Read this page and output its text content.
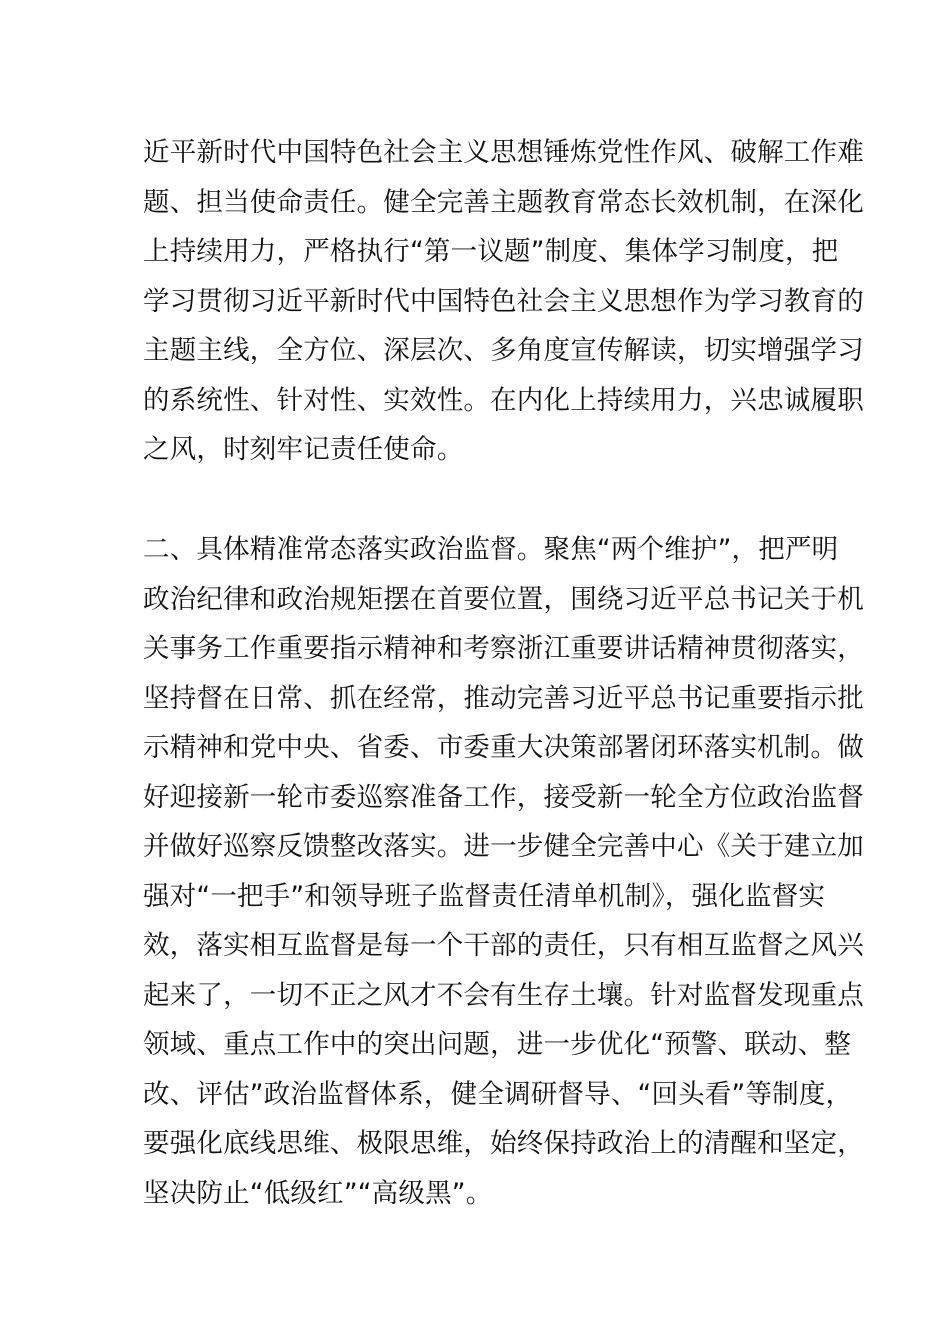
近平新时代中国特色社会主义思想锤炼党性作风、破解工作难
题、担当使命责任。健全完善主题教育常态长效机制，在深化
上持续用力，严格执行“第一议题”制度、集体学习制度，把
学习贯彻习近平新时代中国特色社会主义思想作为学习教育的
主题主线，全方位、深层次、多角度宣传解读，切实增强学习
的系统性、针对性、实效性。在内化上持续用力，兴忠诚履职
之风，时刻牢记责任使命。

二、具体精准常态落实政治监督。聚焦“两个维护”，把严明
政治纪律和政治规矩摆在首要位置，围绕习近平总书记关于机
关事务工作重要指示精神和考察浙江重要讲话精神贯彻落实，
坚持督在日常、抓在经常，推动完善习近平总书记重要指示批
示精神和党中央、省委、市委重大决策部署闭环落实机制。做
好迎接新一轮市委巡察准备工作，接受新一轮全方位政治监督
并做好巡察反馈整改落实。进一步健全完善中心《关于建立加
强对“一把手”和领导班子监督责任清单机制》，强化监督实
效，落实相互监督是每一个干部的责任，只有相互监督之风兴
起来了，一切不正之风才不会有生存土壤。针对监督发现重点
领域、重点工作中的突出问题，进一步优化“预警、联动、整
改、评估”政治监督体系，健全调研督导、“回头看”等制度，
要强化底线思维、极限思维，始终保持政治上的清醒和坚定，
坚决防止“低级红”“高级黑”。
